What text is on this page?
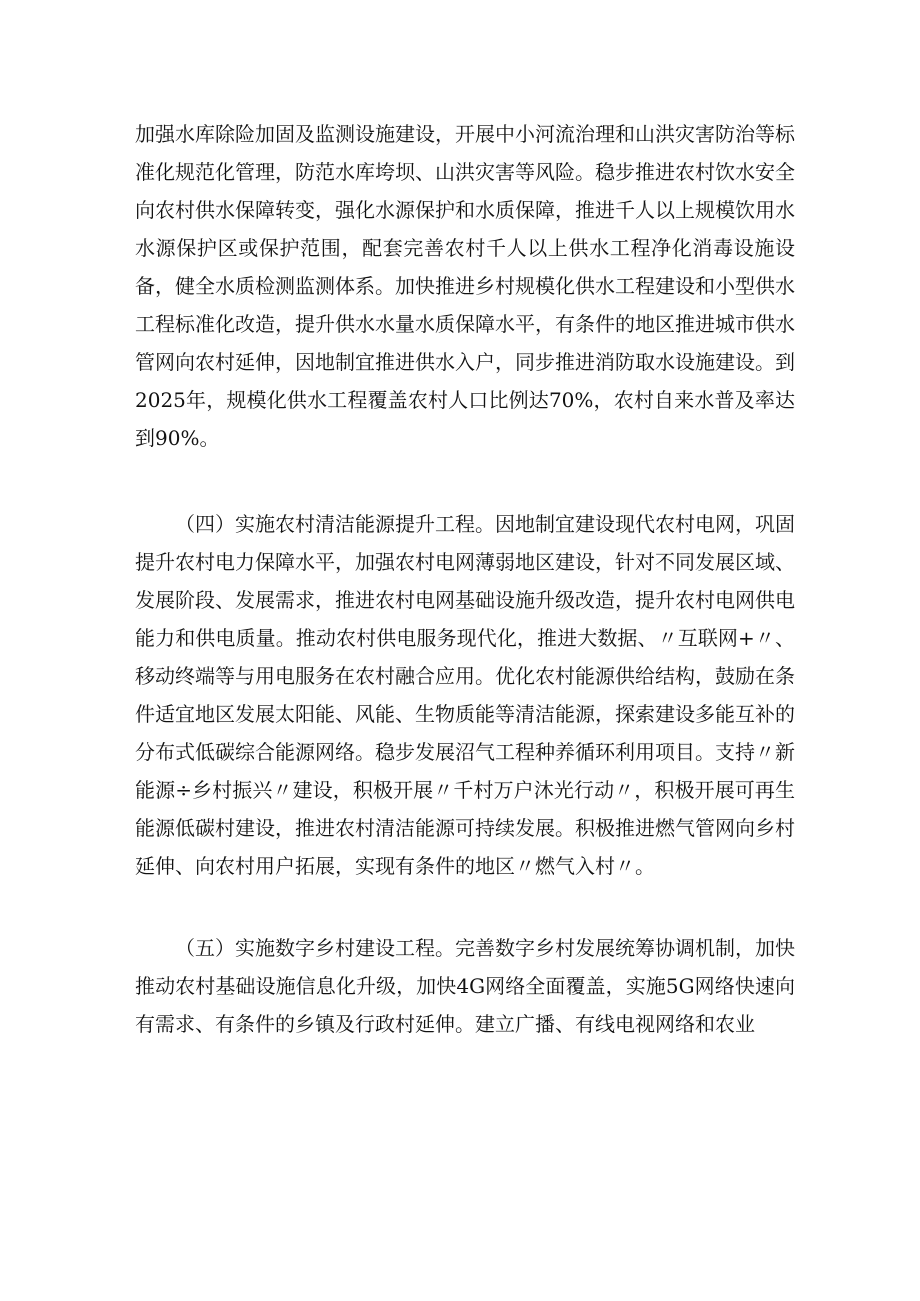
加强水库除险加固及监测设施建设，开展中小河流治理和山洪灾害防治等标准化规范化管理，防范水库垮坝、山洪灾害等风险。稳步推进农村饮水安全向农村供水保障转变，强化水源保护和水质保障，推进千人以上规模饮用水水源保护区或保护范围，配套完善农村千人以上供水工程净化消毒设施设备，健全水质检测监测体系。加快推进乡村规模化供水工程建设和小型供水工程标准化改造，提升供水水量水质保障水平，有条件的地区推进城市供水管网向农村延伸，因地制宜推进供水入户，同步推进消防取水设施建设。到2025年，规模化供水工程覆盖农村人口比例达70%，农村自来水普及率达到90%。

（四）实施农村清洁能源提升工程。因地制宜建设现代农村电网，巩固提升农村电力保障水平，加强农村电网薄弱地区建设，针对不同发展区域、发展阶段、发展需求，推进农村电网基础设施升级改造，提升农村电网供电能力和供电质量。推动农村供电服务现代化，推进大数据、〃互联网+〃、移动终端等与用电服务在农村融合应用。优化农村能源供给结构，鼓励在条件适宜地区发展太阳能、风能、生物质能等清洁能源，探索建设多能互补的分布式低碳综合能源网络。稳步发展沼气工程种养循环利用项目。支持〃新能源÷乡村振兴〃建设，积极开展〃千村万户沐光行动〃，积极开展可再生能源低碳村建设，推进农村清洁能源可持续发展。积极推进燃气管网向乡村延伸、向农村用户拓展，实现有条件的地区〃燃气入村〃。

（五）实施数字乡村建设工程。完善数字乡村发展统筹协调机制，加快推动农村基础设施信息化升级，加快4G网络全面覆盖，实施5G网络快速向有需求、有条件的乡镇及行政村延伸。建立广播、有线电视网络和农业
